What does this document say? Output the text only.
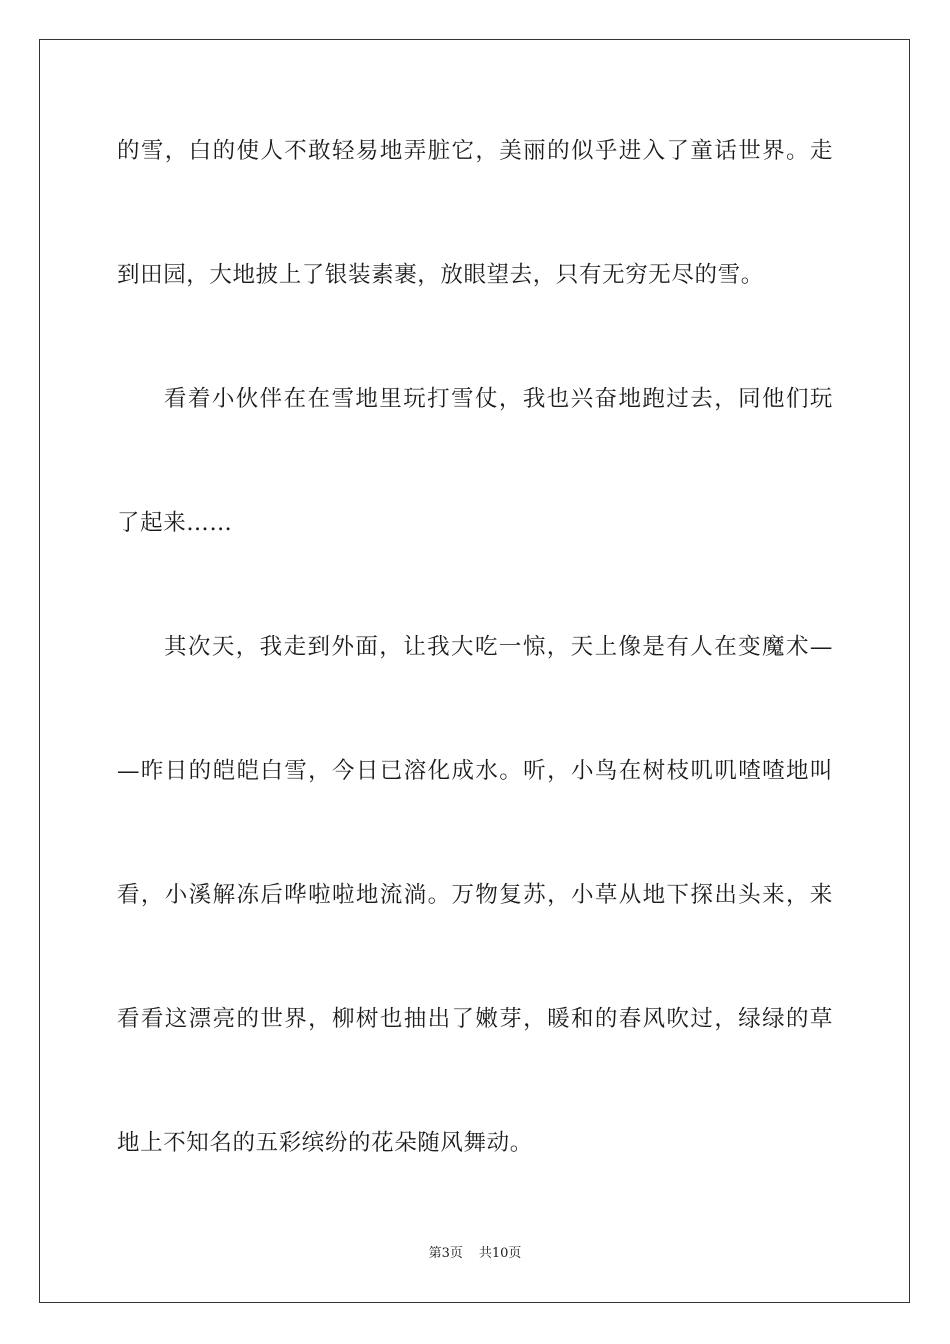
的雪，白的使人不敢轻易地弄脏它，美丽的似乎进入了童话世界。走
到田园，大地披上了银装素裹，放眼望去，只有无穷无尽的雪。
看着小伙伴在在雪地里玩打雪仗，我也兴奋地跑过去，同他们玩
了起来……
其次天，我走到外面，让我大吃一惊，天上像是有人在变魔术—
—昨日的皑皑白雪，今日已溶化成水。听，小鸟在树枝叽叽喳喳地叫
看，小溪解冻后哗啦啦地流淌。万物复苏，小草从地下探出头来，来
看看这漂亮的世界，柳树也抽出了嫩芽，暖和的春风吹过，绿绿的草
地上不知名的五彩缤纷的花朵随风舞动。
第3页 共10页
